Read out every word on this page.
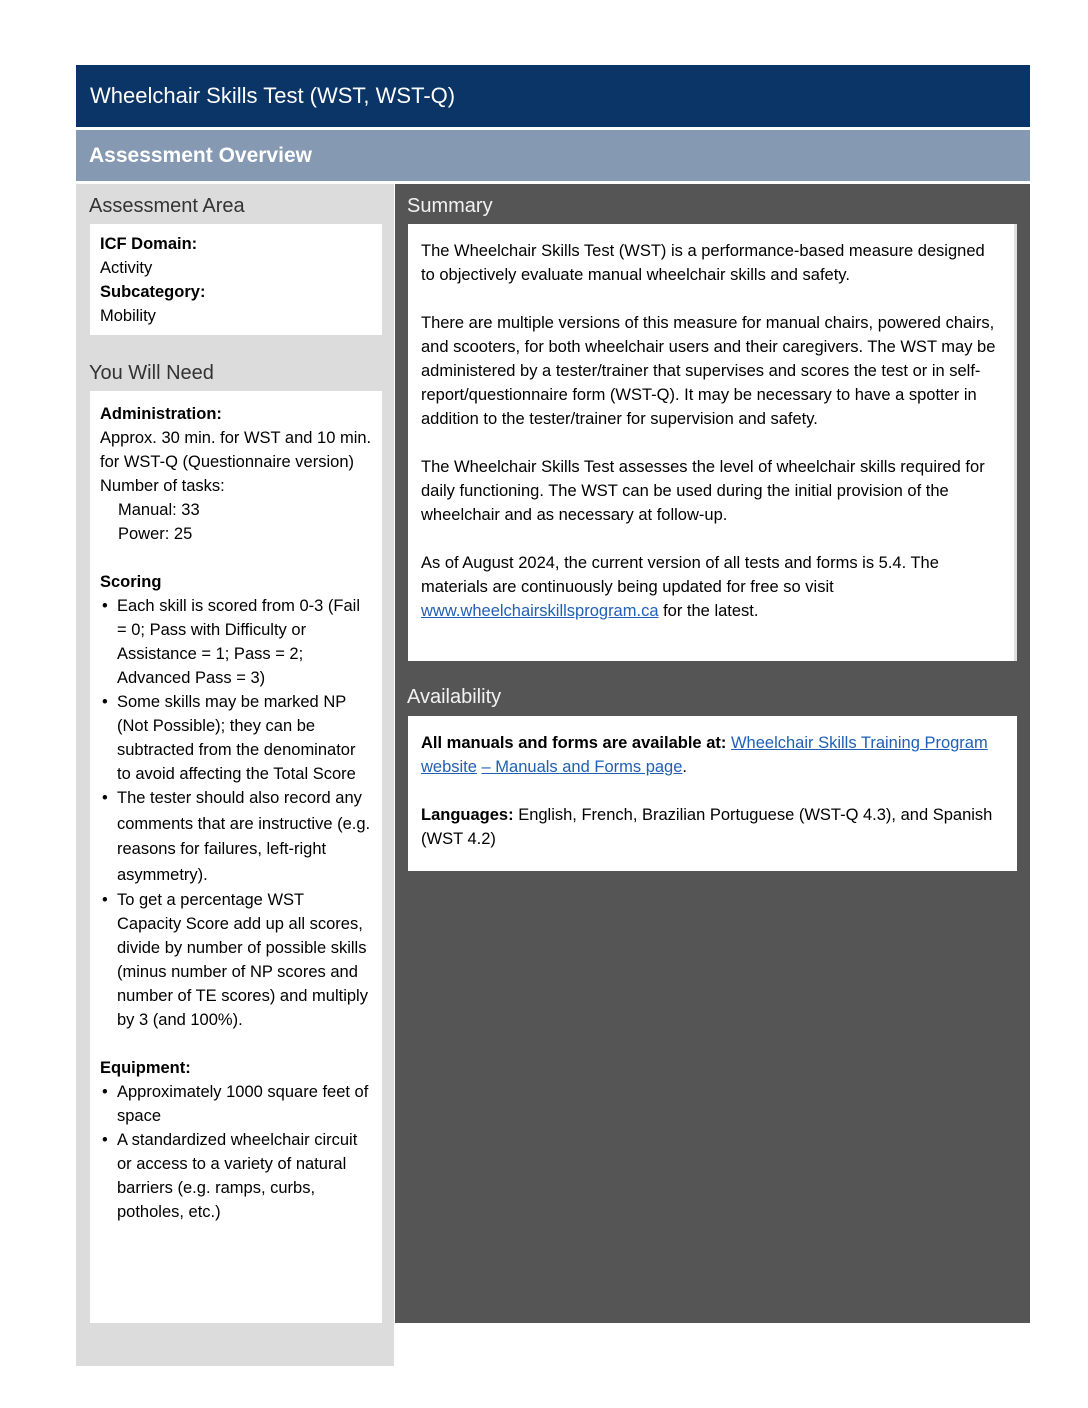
Wheelchair Skills Test (WST, WST-Q)
Assessment Overview
Assessment Area

ICF Domain:

Activity

Subcategory:

Mobility

You Will Need

Administration:

Approx. 30 min. for WST and 10 min. for WST-Q (Questionnaire version)

Number of tasks:

Manual: 33

Power: 25

Scoring

• Each skill is scored from 0-3 (Fail = 0; Pass with Difficulty or Assistance = 1; Pass = 2; Advanced Pass = 3)
• Some skills may be marked NP (Not Possible); they can be subtracted from the denominator to avoid affecting the Total Score
• The tester should also record any comments that are instructive (e.g. reasons for failures, left-right asymmetry).
• To get a percentage WST Capacity Score add up all scores, divide by number of possible skills (minus number of NP scores and number of TE scores) and multiply by 3 (and 100%).

Equipment:

• Approximately 1000 square feet of space
• A standardized wheelchair circuit or access to a variety of natural barriers (e.g. ramps, curbs, potholes, etc.)
Summary

The Wheelchair Skills Test (WST) is a performance-based measure designed to objectively evaluate manual wheelchair skills and safety.

There are multiple versions of this measure for manual chairs, powered chairs, and scooters, for both wheelchair users and their caregivers. The WST may be administered by a tester/trainer that supervises and scores the test or in self-report/questionnaire form (WST-Q). It may be necessary to have a spotter in addition to the tester/trainer for supervision and safety.

The Wheelchair Skills Test assesses the level of wheelchair skills required for daily functioning. The WST can be used during the initial provision of the wheelchair and as necessary at follow-up.

As of August 2024, the current version of all tests and forms is 5.4. The materials are continuously being updated for free so visit www.wheelchairskillsprogram.ca for the latest.

Availability

All manuals and forms are available at: Wheelchair Skills Training Program website – Manuals and Forms page.

Languages: English, French, Brazilian Portuguese (WST-Q 4.3), and Spanish (WST 4.2)
